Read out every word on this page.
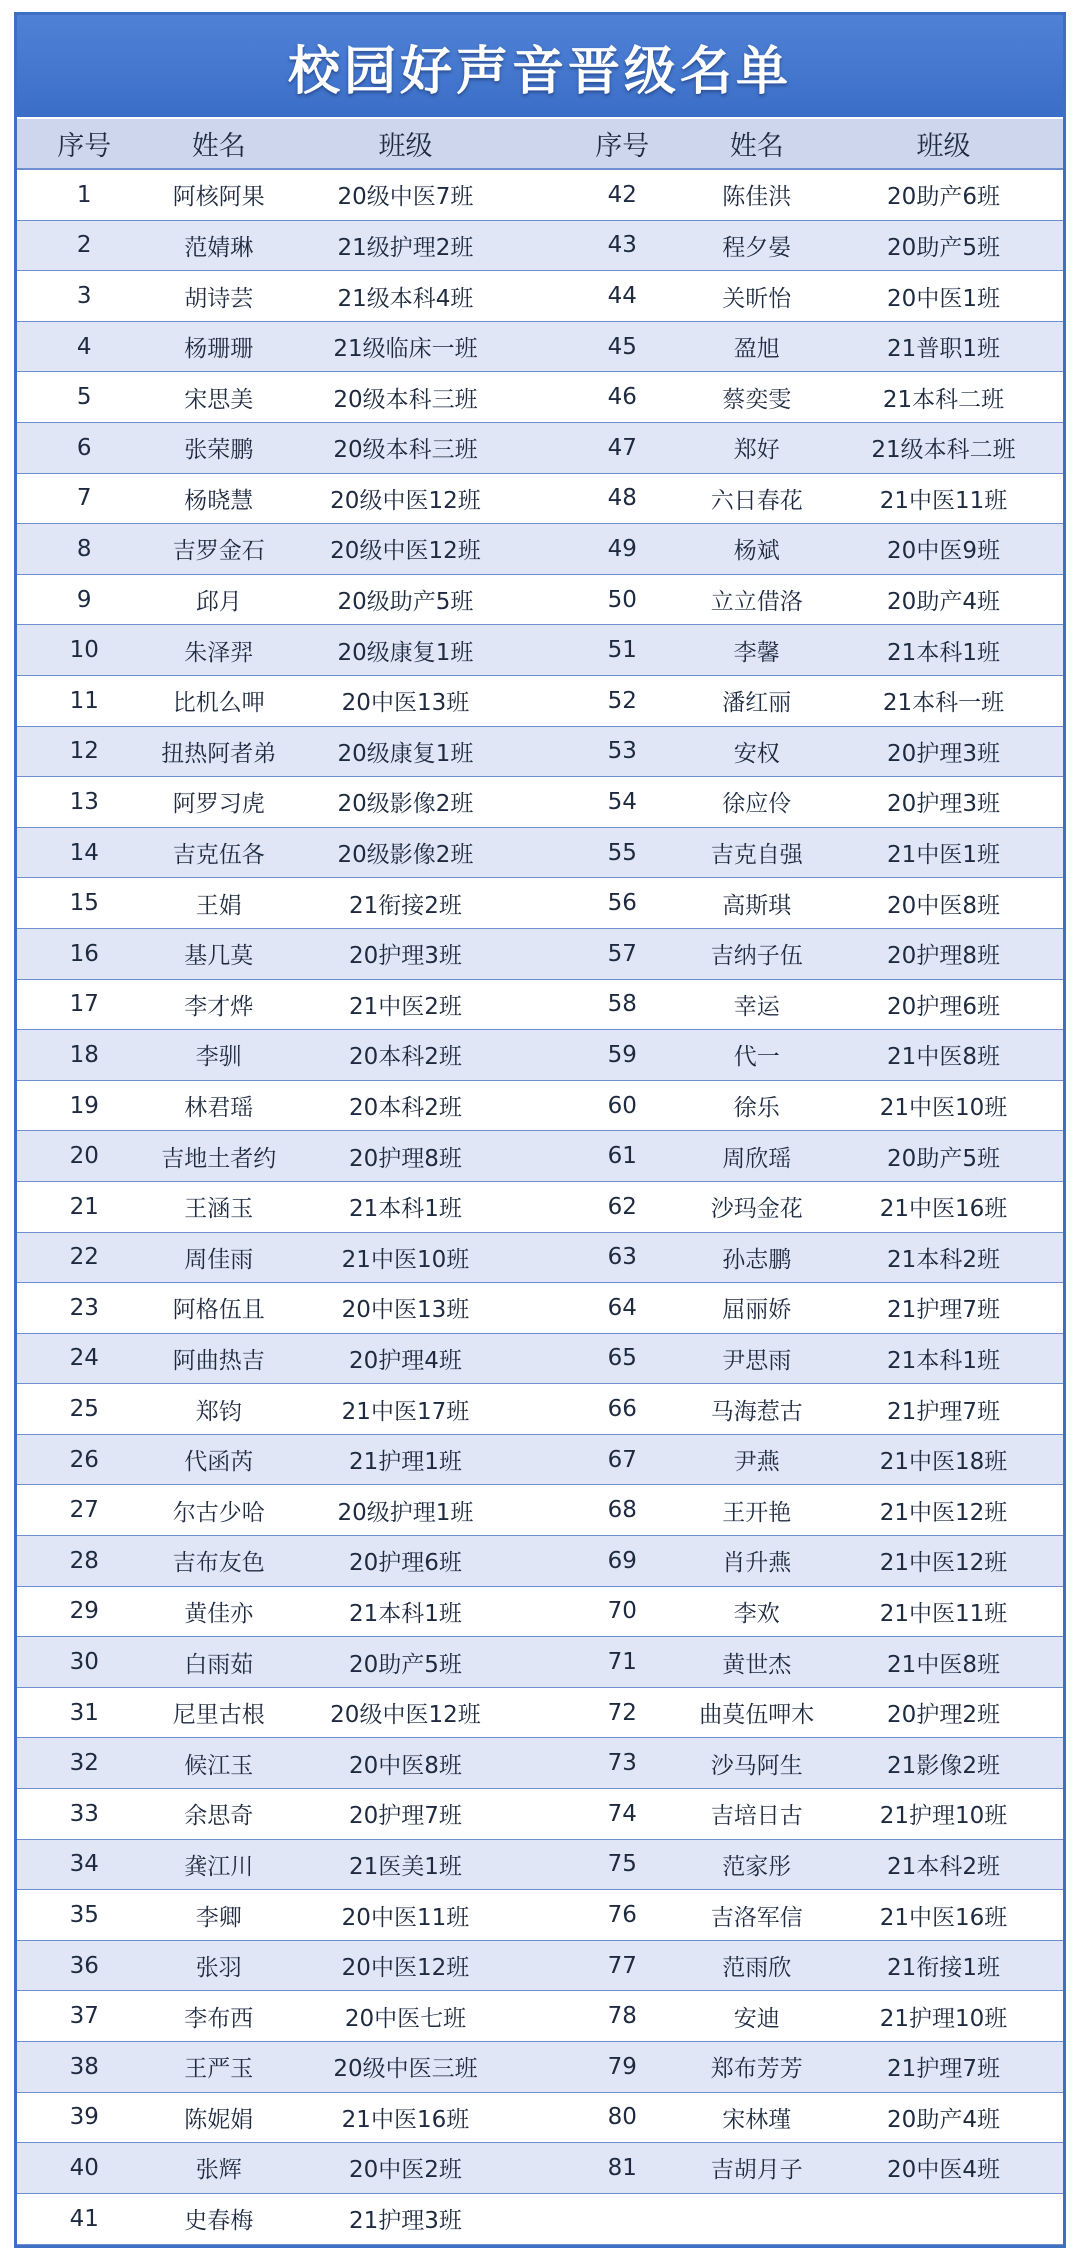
校园好声音晋级名单
序号	姓名	班级		序号	姓名	班级
1	阿核阿果	20级中医7班		42	陈佳洪	20助产6班
2	范婧琳	21级护理2班		43	程夕晏	20助产5班
3	胡诗芸	21级本科4班		44	关昕怡	20中医1班
4	杨珊珊	21级临床一班		45	盈旭	21普职1班
5	宋思美	20级本科三班		46	蔡奕雯	21本科二班
6	张荣鹏	20级本科三班		47	郑好	21级本科二班
7	杨晓慧	20级中医12班		48	六日春花	21中医11班
8	吉罗金石	20级中医12班		49	杨斌	20中医9班
9	邱月	20级助产5班		50	立立借洛	20助产4班
10	朱泽羿	20级康复1班		51	李馨	21本科1班
11	比机么呷	20中医13班		52	潘红丽	21本科一班
12	扭热阿者弟	20级康复1班		53	安权	20护理3班
13	阿罗习虎	20级影像2班		54	徐应伶	20护理3班
14	吉克伍各	20级影像2班		55	吉克自强	21中医1班
15	王娟	21衔接2班		56	高斯琪	20中医8班
16	基几莫	20护理3班		57	吉纳子伍	20护理8班
17	李才烨	21中医2班		58	幸运	20护理6班
18	李驯	20本科2班		59	代一	21中医8班
19	林君瑶	20本科2班		60	徐乐	21中医10班
20	吉地土者约	20护理8班		61	周欣瑶	20助产5班
21	王涵玉	21本科1班		62	沙玛金花	21中医16班
22	周佳雨	21中医10班		63	孙志鹏	21本科2班
23	阿格伍且	20中医13班		64	屈丽娇	21护理7班
24	阿曲热吉	20护理4班		65	尹思雨	21本科1班
25	郑钧	21中医17班		66	马海惹古	21护理7班
26	代函芮	21护理1班		67	尹燕	21中医18班
27	尔古少哈	20级护理1班		68	王开艳	21中医12班
28	吉布友色	20护理6班		69	肖升燕	21中医12班
29	黄佳亦	21本科1班		70	李欢	21中医11班
30	白雨茹	20助产5班		71	黄世杰	21中医8班
31	尼里古根	20级中医12班		72	曲莫伍呷木	20护理2班
32	候江玉	20中医8班		73	沙马阿生	21影像2班
33	余思奇	20护理7班		74	吉培日古	21护理10班
34	龚江川	21医美1班		75	范家彤	21本科2班
35	李卿	20中医11班		76	吉洛军信	21中医16班
36	张羽	20中医12班		77	范雨欣	21衔接1班
37	李布西	20中医七班		78	安迪	21护理10班
38	王严玉	20级中医三班		79	郑布芳芳	21护理7班
39	陈妮娟	21中医16班		80	宋林瑾	20助产4班
40	张辉	20中医2班		81	吉胡月子	20中医4班
41	史春梅	21护理3班				
